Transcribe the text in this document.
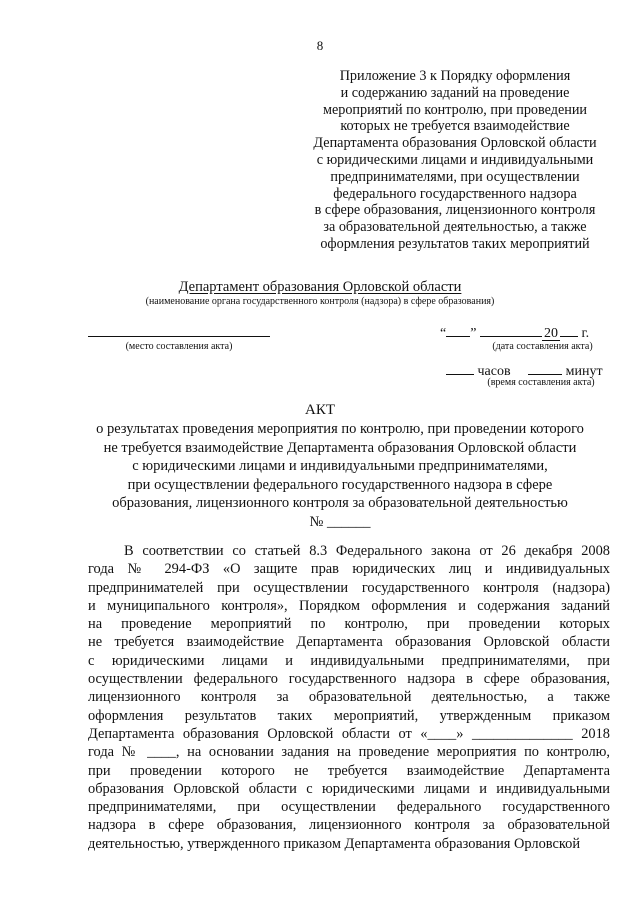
8
Приложение 3 к Порядку оформления
и содержанию заданий на проведение
мероприятий по контролю, при проведении
которых не требуется взаимодействие
Департамента образования Орловской области
с юридическими лицами и индивидуальными
предпринимателями, при осуществлении
федерального государственного надзора
в сфере образования, лицензионного контроля
за образовательной деятельностью, а также
оформления результатов таких мероприятий
Департамент образования Орловской области
(наименование органа государственного контроля (надзора) в сфере образования)
(место составления акта)
“ ”	20 г.
(дата составления акта)
часов	минут
(время составления акта)
АКТ
о результатах проведения мероприятия по контролю, при проведении которого
не требуется взаимодействие Департамента образования Орловской области
с юридическими лицами и индивидуальными предпринимателями,
при осуществлении федерального государственного надзора в сфере
образования, лицензионного контроля за образовательной деятельностью
№ ______
В соответствии со статьей 8.3 Федерального закона от 26 декабря 2008
года № 294-ФЗ «О защите прав юридических лиц и индивидуальных
предпринимателей при осуществлении государственного контроля (надзора)
и муниципального контроля», Порядком оформления и содержания заданий
на проведение мероприятий по контролю, при проведении которых
не требуется взаимодействие Департамента образования Орловской области
с юридическими лицами и индивидуальными предпринимателями, при
осуществлении федерального государственного надзора в сфере образования,
лицензионного контроля за образовательной деятельностью, а также
оформления результатов таких мероприятий, утвержденным приказом
Департамента образования Орловской области от «____» ______________ 2018
года № ____, на основании задания на проведение мероприятия по контролю,
при проведении которого не требуется взаимодействие Департамента
образования Орловской области с юридическими лицами и индивидуальными
предпринимателями, при осуществлении федерального государственного
надзора в сфере образования, лицензионного контроля за образовательной
деятельностью, утвержденного приказом Департамента образования Орловской
